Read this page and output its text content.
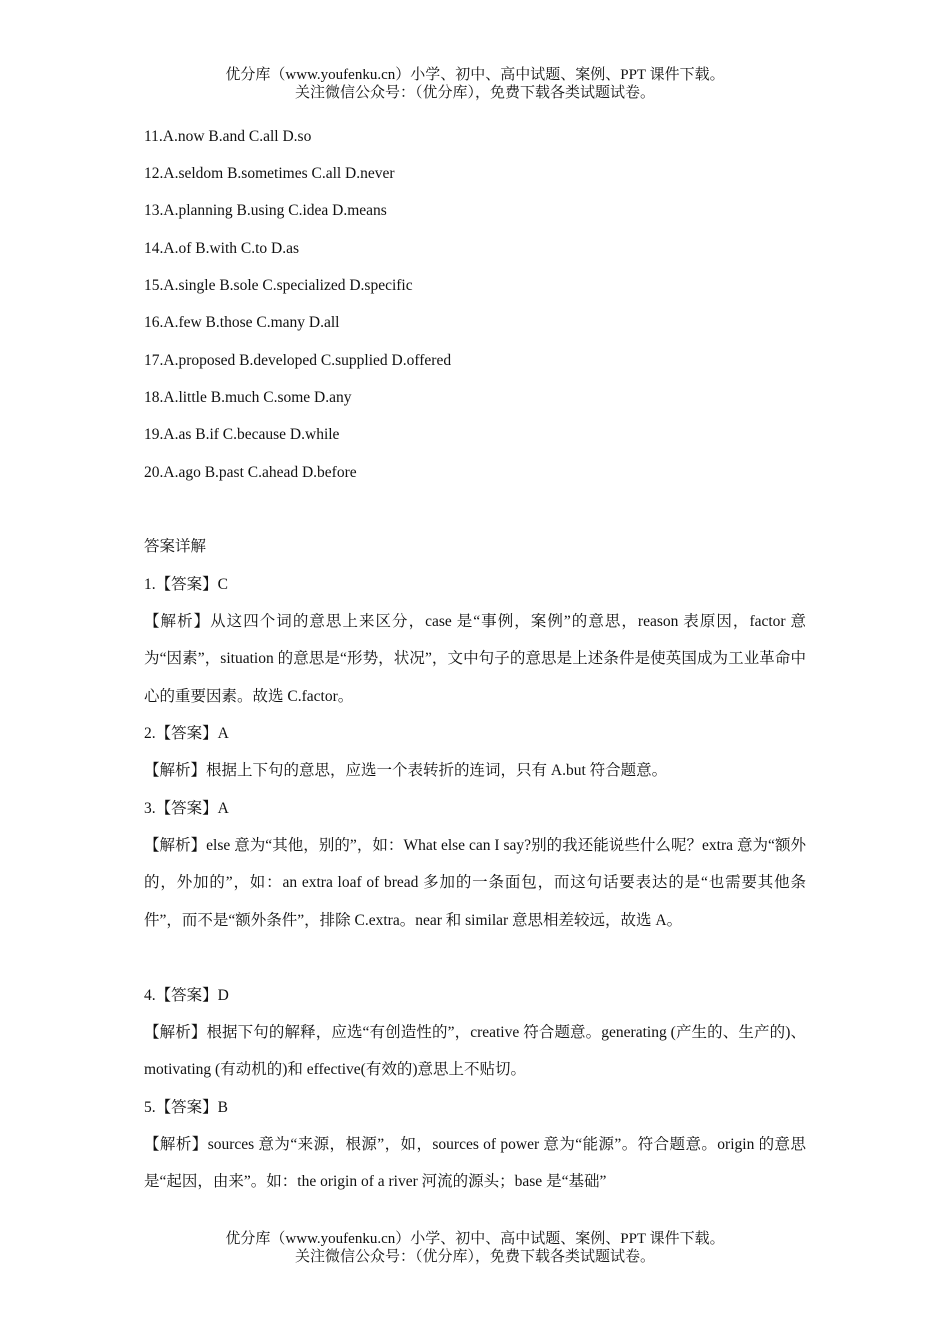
优分库（www.youfenku.cn）小学、初中、高中试题、案例、PPT 课件下载。
关注微信公众号：（优分库），免费下载各类试题试卷。
11.A.now B.and C.all D.so
12.A.seldom B.sometimes C.all D.never
13.A.planning B.using C.idea D.means
14.A.of B.with C.to D.as
15.A.single B.sole C.specialized D.specific
16.A.few B.those C.many D.all
17.A.proposed B.developed C.supplied D.offered
18.A.little B.much C.some D.any
19.A.as B.if C.because D.while
20.A.ago B.past C.ahead D.before
答案详解
1.【答案】C
【解析】从这四个词的意思上来区分，case 是“事例，案例”的意思，reason 表原因，factor 意为“因素”，situation 的意思是“形势，状况”，文中句子的意思是上述条件是使英国成为工业革命中心的重要因素。故选 C.factor。
2.【答案】A
【解析】根据上下句的意思，应选一个表转折的连词，只有 A.but 符合题意。
3.【答案】A
【解析】else 意为“其他，别的”，如：What else can I say?别的我还能说些什么呢？extra 意为“额外的，外加的”，如：an extra loaf of bread 多加的一条面包，而这句话要表达的是“也需要其他条件”，而不是“额外条件”，排除 C.extra。near 和 similar 意思相差较远，故选 A。
4.【答案】D
【解析】根据下句的解释，应选“有创造性的”，creative 符合题意。generating (产生的、生产的)、motivating (有动机的)和 effective(有效的)意思上不贴切。
5.【答案】B
【解析】sources 意为“来源，根源”，如，sources of power 意为“能源”。符合题意。origin 的意思是“起因，由来”。如：the origin of a river 河流的源头；base 是“基础”
优分库（www.youfenku.cn）小学、初中、高中试题、案例、PPT 课件下载。
关注微信公众号：（优分库），免费下载各类试题试卷。
